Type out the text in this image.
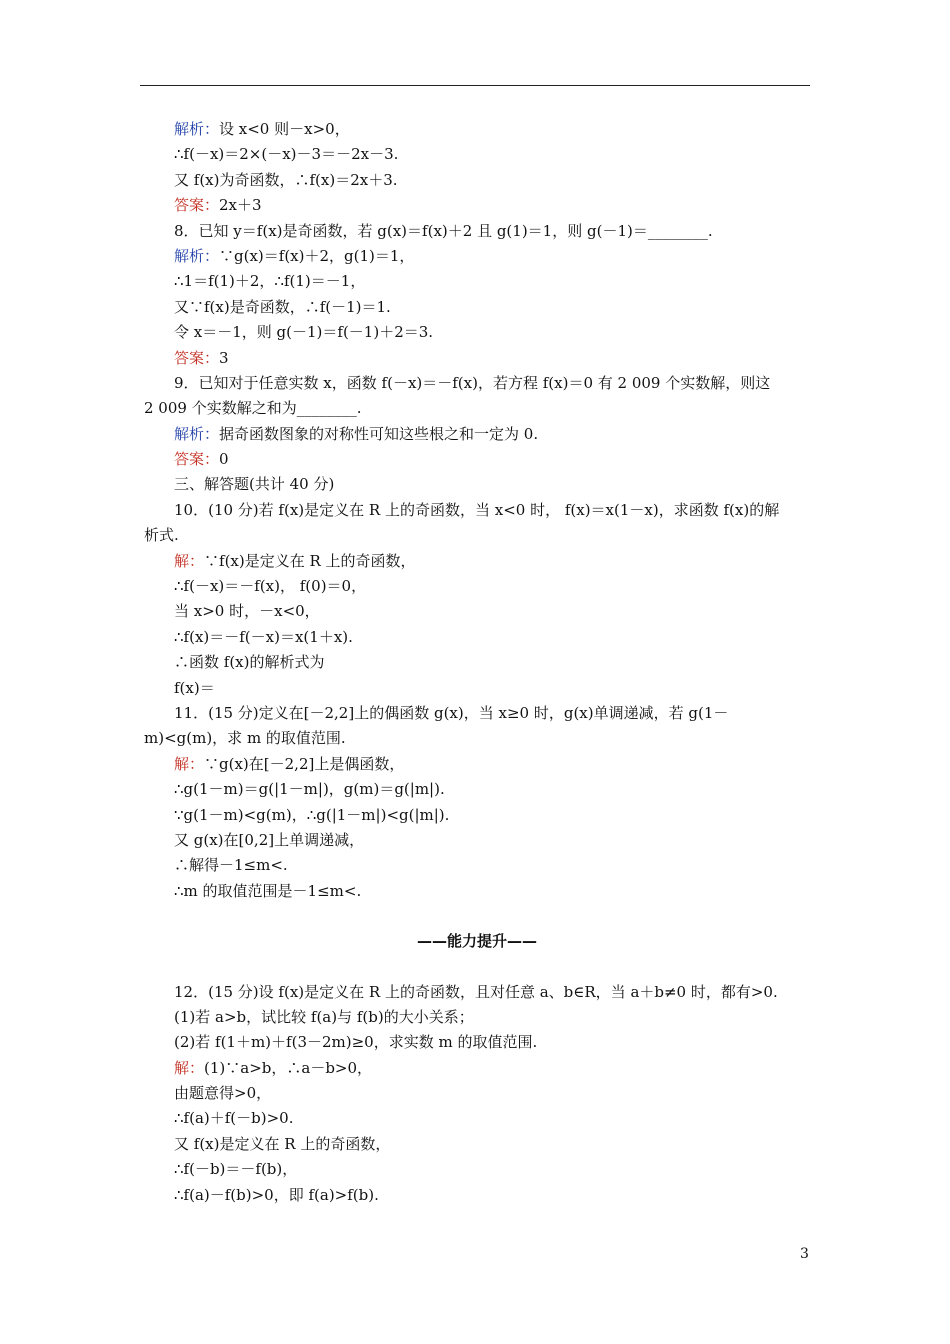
解析：设 x<0 则－x>0，
∴f(－x)＝2×(－x)－3＝－2x－3.
又 f(x)为奇函数，∴f(x)＝2x＋3.
答案：2x＋3
8．已知 y＝f(x)是奇函数，若 g(x)＝f(x)＋2 且 g(1)＝1，则 g(－1)＝________.
解析：∵g(x)＝f(x)＋2，g(1)＝1，
∴1＝f(1)＋2，∴f(1)＝－1，
又∵f(x)是奇函数，∴f(－1)＝1.
令 x＝－1，则 g(－1)＝f(－1)＋2＝3.
答案：3
9．已知对于任意实数 x，函数 f(－x)＝－f(x)，若方程 f(x)＝0 有 2 009 个实数解，则这
2 009 个实数解之和为________.
解析：据奇函数图象的对称性可知这些根之和一定为 0.
答案：0
三、解答题(共计 40 分)
10．(10 分)若 f(x)是定义在 R 上的奇函数，当 x<0 时， f(x)＝x(1－x)，求函数 f(x)的解
析式.
解：∵f(x)是定义在 R 上的奇函数，
∴f(－x)＝－f(x)， f(0)＝0，
当 x>0 时，－x<0，
∴f(x)＝－f(－x)＝x(1＋x).
∴函数 f(x)的解析式为
f(x)＝
11．(15 分)定义在[－2,2]上的偶函数 g(x)，当 x≥0 时，g(x)单调递减，若 g(1－
m)<g(m)，求 m 的取值范围.
解：∵g(x)在[－2,2]上是偶函数，
∴g(1－m)＝g(|1－m|)，g(m)＝g(|m|).
∵g(1－m)<g(m)，∴g(|1－m|)<g(|m|).
又 g(x)在[0,2]上单调递减，
∴解得－1≤m<.
∴m 的取值范围是－1≤m<.
——能力提升——
12．(15 分)设 f(x)是定义在 R 上的奇函数，且对任意 a、b∈R，当 a＋b≠0 时，都有>0.
(1)若 a>b，试比较 f(a)与 f(b)的大小关系；
(2)若 f(1＋m)＋f(3－2m)≥0，求实数 m 的取值范围.
解：(1)∵a>b，∴a－b>0，
由题意得>0，
∴f(a)＋f(－b)>0.
又 f(x)是定义在 R 上的奇函数，
∴f(－b)＝－f(b)，
∴f(a)－f(b)>0，即 f(a)>f(b).
3
